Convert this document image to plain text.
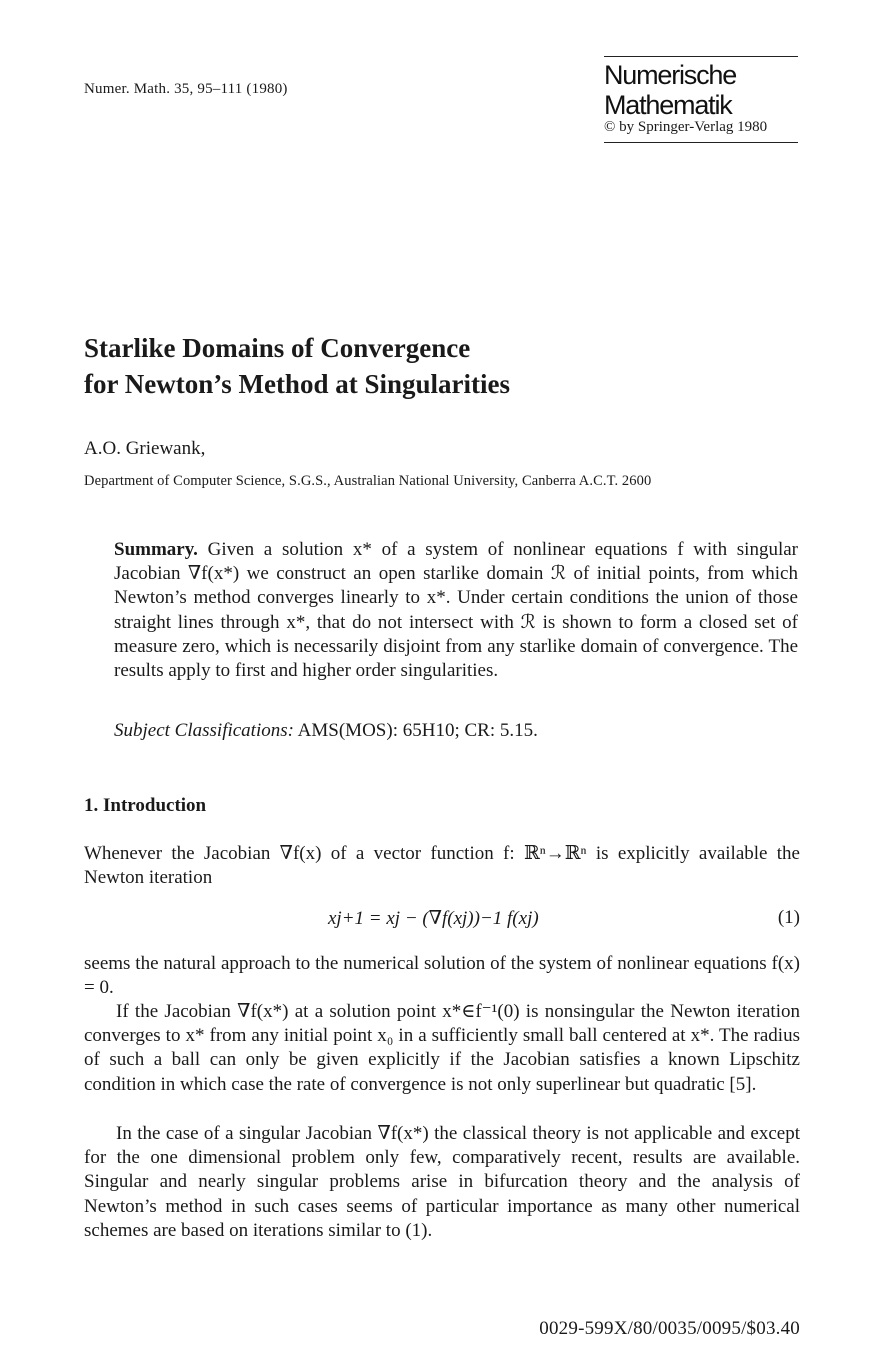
Numer. Math. 35, 95–111 (1980)	Numerische
Mathematik
© by Springer-Verlag 1980
Starlike Domains of Convergence
for Newton’s Method at Singularities
A.O. Griewank,
Department of Computer Science, S.G.S., Australian National University, Canberra A.C.T. 2600
Summary. Given a solution x* of a system of nonlinear equations f with singular Jacobian ∇f(x*) we construct an open starlike domain ℛ of initial points, from which Newton’s method converges linearly to x*. Under certain conditions the union of those straight lines through x*, that do not intersect with ℛ is shown to form a closed set of measure zero, which is necessarily disjoint from any starlike domain of convergence. The results apply to first and higher order singularities.
Subject Classifications: AMS(MOS): 65H10; CR: 5.15.
1. Introduction
Whenever the Jacobian ∇f(x) of a vector function f: ℝⁿ→ℝⁿ is explicitly available the Newton iteration
xj+1 = xj − (∇f(xj))−1 f(xj)	(1)
seems the natural approach to the numerical solution of the system of nonlinear equations f(x) = 0.
If the Jacobian ∇f(x*) at a solution point x*∈f⁻¹(0) is nonsingular the Newton iteration converges to x* from any initial point x₀ in a sufficiently small ball centered at x*. The radius of such a ball can only be given explicitly if the Jacobian satisfies a known Lipschitz condition in which case the rate of convergence is not only superlinear but quadratic [5].
In the case of a singular Jacobian ∇f(x*) the classical theory is not applicable and except for the one dimensional problem only few, comparatively recent, results are available. Singular and nearly singular problems arise in bifurcation theory and the analysis of Newton’s method in such cases seems of particular importance as many other numerical schemes are based on iterations similar to (1).
0029-599X/80/0035/0095/$03.40
